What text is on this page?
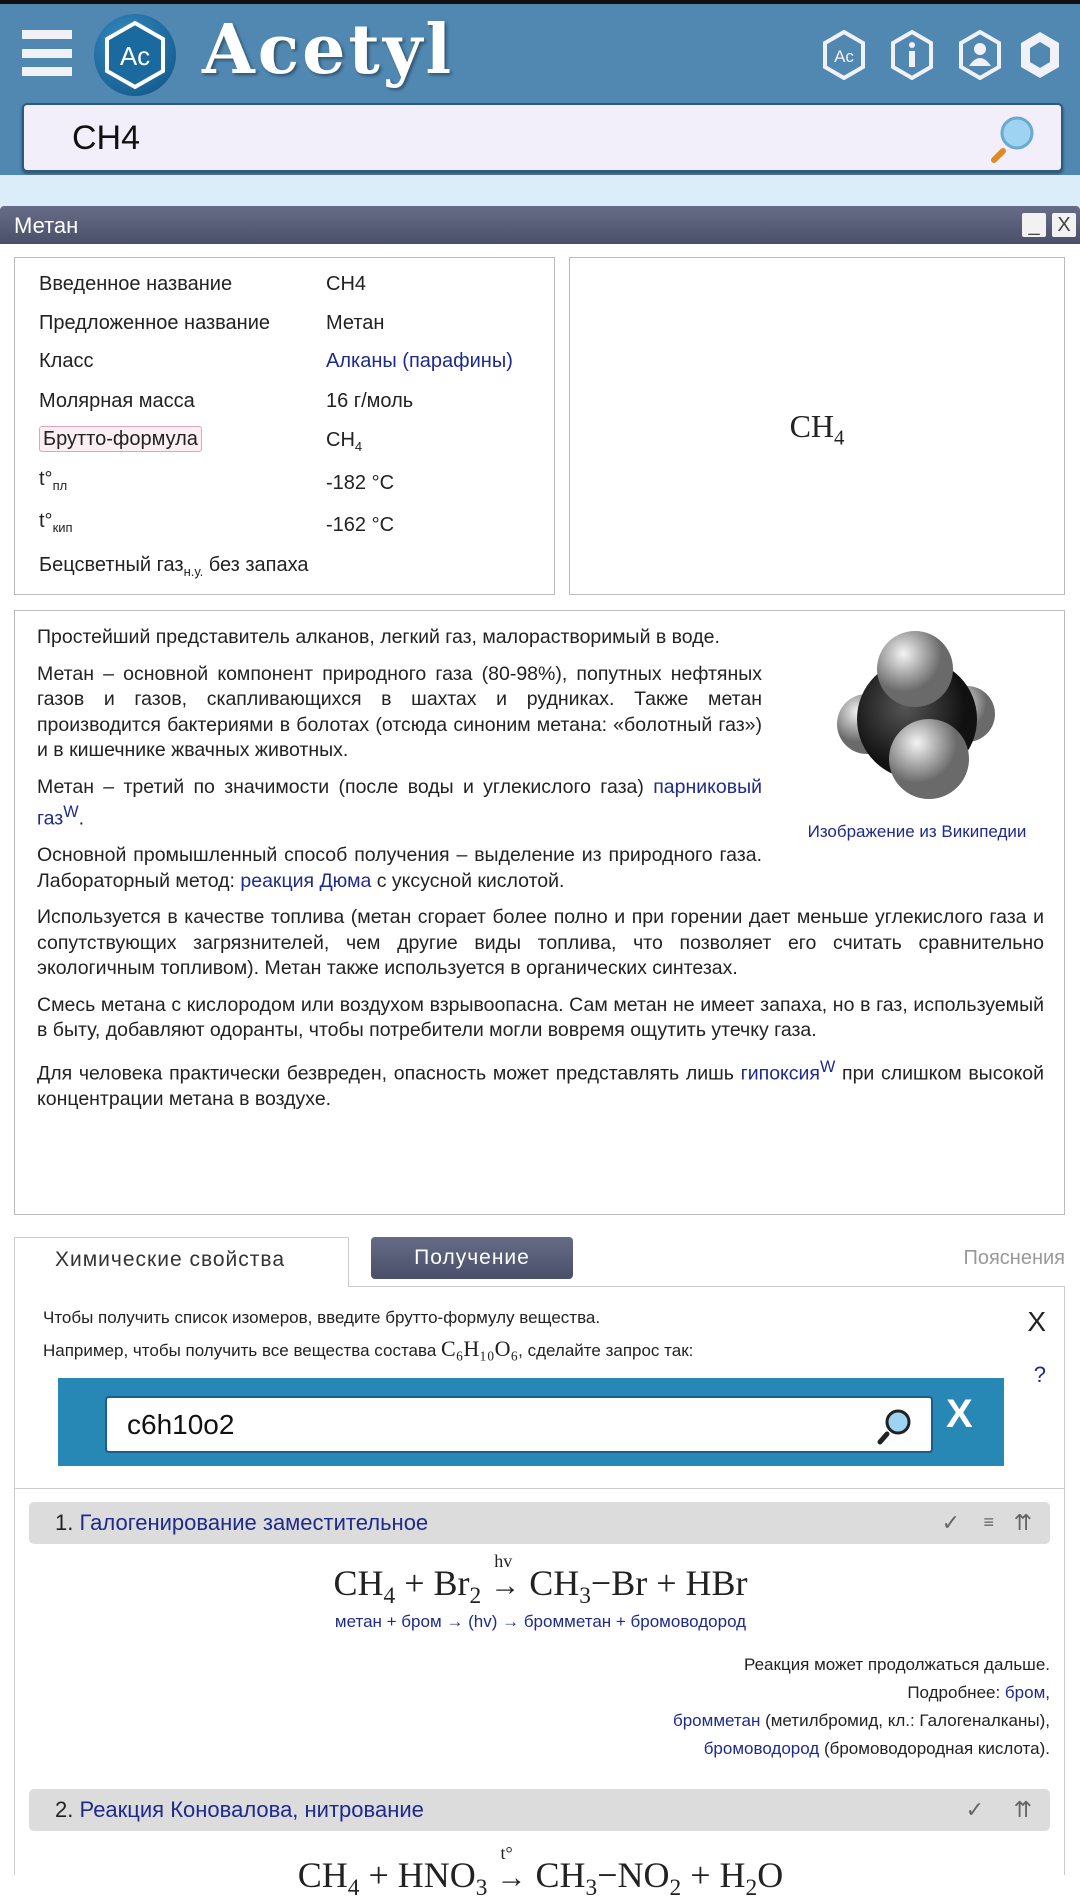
Ac Acetyl	Ac
CH4
Метан	_ X
Введенное название	CH4
Предложенное название	Метан
Класс	Алканы (парафины)
Молярная масса	16 г/моль
Брутто-формула	$CH_4$
$t^\circ_{пл}$	-182 °C
$t^\circ_{кип}$	-162 °C
Бецсветный газ$_{н.у.}$ без запаха
$CH_4$
Изображение из Википедии

Простейший представитель алканов, легкий газ, малорастворимый в воде.

Метан – основной компонент природного газа (80-98%), попутных нефтяных газов и газов, скапливающихся в шахтах и рудниках. Также метан производится бактериями в болотах (отсюда синоним метана: «болотный газ») и в кишечнике жвачных животных.

Метан – третий по значимости (после воды и углекислого газа) парниковый газ$^W$.

Основной промышленный способ получения – выделение из природного газа. Лабораторный метод: реакция Дюма с уксусной кислотой.

Используется в качестве топлива (метан сгорает более полно и при горении дает меньше углекислого газа и сопутствующих загрязнителей, чем другие виды топлива, что позволяет его считать сравнительно экологичным топливом). Метан также используется в органических синтезах.

Смесь метана с кислородом или воздухом взрывоопасна. Сам метан не имеет запаха, но в газ, используемый в быту, добавляют одоранты, чтобы потребители могли вовремя ощутить утечку газа.

Для человека практически безвреден, опасность может представлять лишь гипоксия$^W$ при слишком высокой концентрации метана в воздухе.

Химические свойства	Получение	Пояснения
Чтобы получить список изомеров, введите брутто-формулу вещества.
Например, чтобы получить все вещества состава C₆H₁₀O₆, сделайте запрос так:
X
?
c6h10o2	X
1. Галогенирование заместительное	✓ ≡ ⇈
$CH_4 + Br_2$ →
hv
$CH_3-Br$ + HBr
метан + бром → (hv) → бромметан + бромоводород
Реакция может продолжаться дальше.
Подробнее: бром,
бромметан (метилбромид, кл.: Галогеналканы),
бромоводород (бромоводородная кислота).
2. Реакция Коновалова, нитрование	✓ ⇈
$CH_4 + HNO_3$ →
t°
$CH_3-NO_2 + H_2O$
